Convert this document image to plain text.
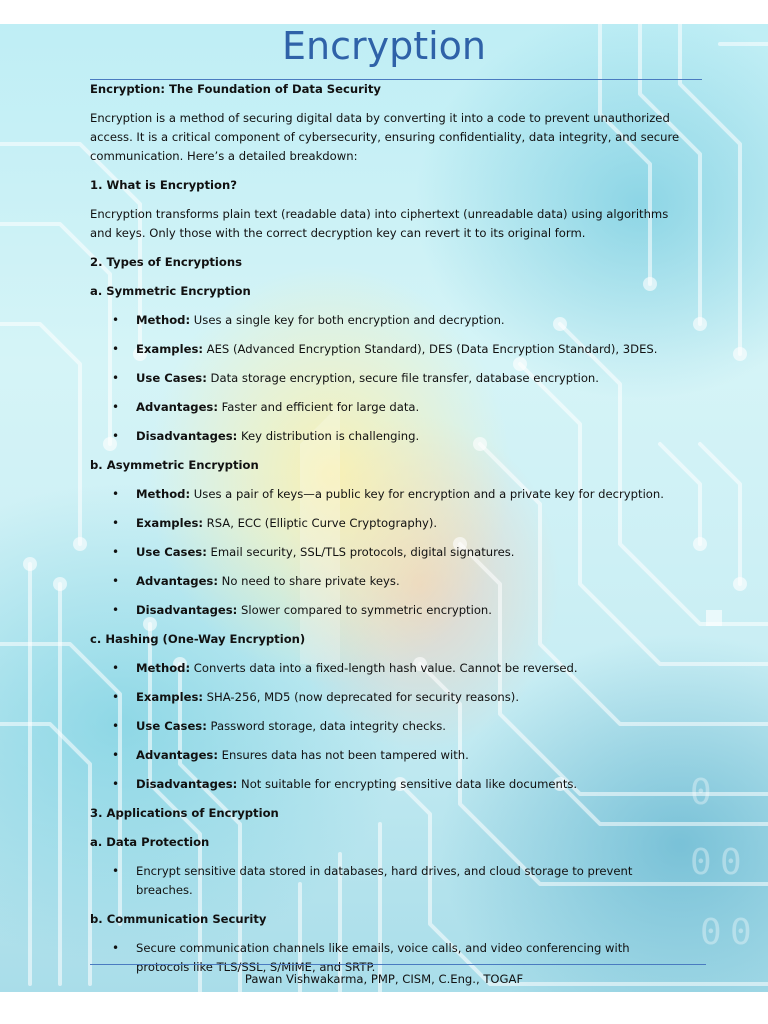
0
0 0
0 0
Encryption

Encryption: The Foundation of Data Security

Encryption is a method of securing digital data by converting it into a code to prevent unauthorized access. It is a critical component of cybersecurity, ensuring confidentiality, data integrity, and secure communication. Here’s a detailed breakdown:

1. What is Encryption?

Encryption transforms plain text (readable data) into ciphertext (unreadable data) using algorithms and keys. Only those with the correct decryption key can revert it to its original form.

2. Types of Encryptions

a. Symmetric Encryption

• Method: Uses a single key for both encryption and decryption.

• Examples: AES (Advanced Encryption Standard), DES (Data Encryption Standard), 3DES.

• Use Cases: Data storage encryption, secure file transfer, database encryption.

• Advantages: Faster and efficient for large data.

• Disadvantages: Key distribution is challenging.

b. Asymmetric Encryption

• Method: Uses a pair of keys—a public key for encryption and a private key for decryption.

• Examples: RSA, ECC (Elliptic Curve Cryptography).

• Use Cases: Email security, SSL/TLS protocols, digital signatures.

• Advantages: No need to share private keys.

• Disadvantages: Slower compared to symmetric encryption.

c. Hashing (One-Way Encryption)

• Method: Converts data into a fixed-length hash value. Cannot be reversed.

• Examples: SHA-256, MD5 (now deprecated for security reasons).

• Use Cases: Password storage, data integrity checks.

• Advantages: Ensures data has not been tampered with.

• Disadvantages: Not suitable for encrypting sensitive data like documents.

3. Applications of Encryption

a. Data Protection

• Encrypt sensitive data stored in databases, hard drives, and cloud storage to prevent breaches.

b. Communication Security

• Secure communication channels like emails, voice calls, and video conferencing with protocols like TLS/SSL, S/MIME, and SRTP.

Pawan Vishwakarma, PMP, CISM, C.Eng., TOGAF
